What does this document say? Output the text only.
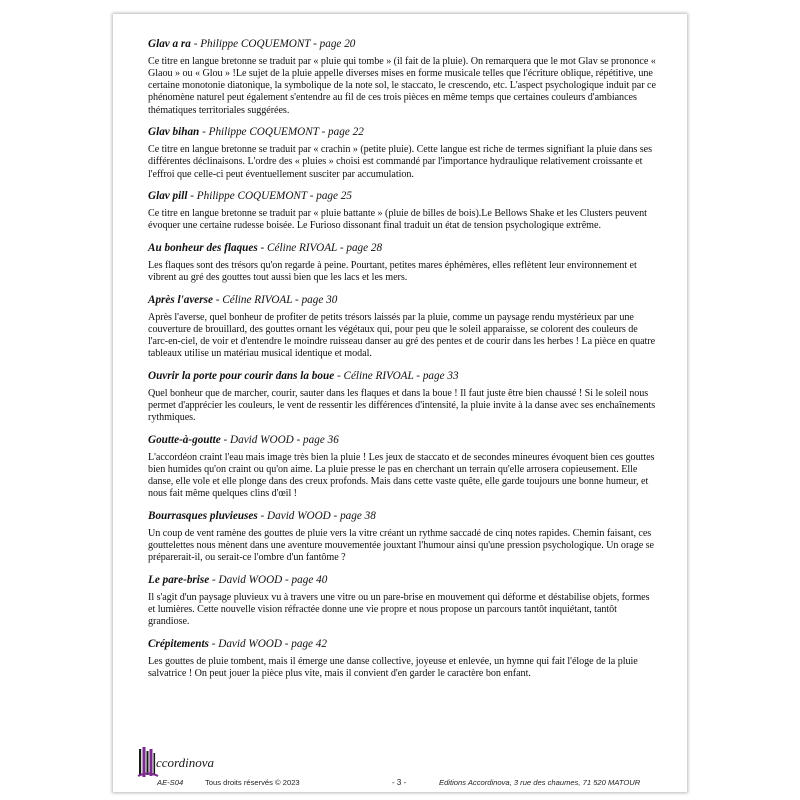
Glav a ra - Philippe COQUEMONT - page 20

Ce titre en langue bretonne se traduit par « pluie qui tombe » (il fait de la pluie). On remarquera que le mot Glav se prononce « Glaou » ou « Glou » !Le sujet de la pluie appelle diverses mises en forme musicale telles que l'écriture oblique, répétitive, une certaine monotonie diatonique, la symbolique de la note sol, le staccato, le crescendo, etc. L'aspect psychologique induit par ce phénomène naturel peut également s'entendre au fil de ces trois pièces en même temps que certaines couleurs d'ambiances thématiques territoriales suggérées.

Glav bihan - Philippe COQUEMONT - page 22

Ce titre en langue bretonne se traduit par « crachin » (petite pluie). Cette langue est riche de termes signifiant la pluie dans ses différentes déclinaisons. L'ordre des « pluies » choisi est commandé par l'importance hydraulique relativement croissante et l'effroi que celle-ci peut éventuellement susciter par accumulation.

Glav pill - Philippe COQUEMONT - page 25

Ce titre en langue bretonne se traduit par « pluie battante » (pluie de billes de bois).Le Bellows Shake et les Clusters peuvent évoquer une certaine rudesse boisée. Le Furioso dissonant final traduit un état de tension psychologique extrême.

Au bonheur des flaques - Céline RIVOAL - page 28

Les flaques sont des trésors qu'on regarde à peine. Pourtant, petites mares éphémères, elles reflètent leur environnement et vibrent au gré des gouttes tout aussi bien que les lacs et les mers.

Après l'averse - Céline RIVOAL - page 30

Après l'averse, quel bonheur de profiter de petits trésors laissés par la pluie, comme un paysage rendu mystérieux par une couverture de brouillard, des gouttes ornant les végétaux qui, pour peu que le soleil apparaisse, se colorent des couleurs de l'arc-en-ciel, de voir et d'entendre le moindre ruisseau danser au gré des pentes et de courir dans les herbes ! La pièce en quatre tableaux utilise un matériau musical identique et modal.

Ouvrir la porte pour courir dans la boue - Céline RIVOAL - page 33

Quel bonheur que de marcher, courir, sauter dans les flaques et dans la boue ! Il faut juste être bien chaussé ! Si le soleil nous permet d'apprécier les couleurs, le vent de ressentir les différences d'intensité, la pluie invite à la danse avec ses enchaînements rythmiques.

Goutte-à-goutte - David WOOD - page 36

L'accordéon craint l'eau mais image très bien la pluie ! Les jeux de staccato et de secondes mineures évoquent bien ces gouttes bien humides qu'on craint ou qu'on aime. La pluie presse le pas en cherchant un terrain qu'elle arrosera copieusement. Elle danse, elle vole et elle plonge dans des creux profonds. Mais dans cette vaste quête, elle garde toujours une bonne humeur, et nous fait même quelques clins d'œil !

Bourrasques pluvieuses - David WOOD - page 38

Un coup de vent ramène des gouttes de pluie vers la vitre créant un rythme saccadé de cinq notes rapides. Chemin faisant, ces gouttelettes nous mènent dans une aventure mouvementée jouxtant l'humour ainsi qu'une pression psychologique. Un orage se préparerait-il, ou serait-ce l'ombre d'un fantôme ?

Le pare-brise - David WOOD - page 40

Il s'agit d'un paysage pluvieux vu à travers une vitre ou un pare-brise en mouvement qui déforme et déstabilise objets, formes et lumières. Cette nouvelle vision réfractée donne une vie propre et nous propose un parcours tantôt inquiétant, tantôt grandiose.

Crépitements - David WOOD - page 42

Les gouttes de pluie tombent, mais il émerge une danse collective, joyeuse et enlevée, un hymne qui fait l'éloge de la pluie salvatrice ! On peut jouer la pièce plus vite, mais il convient d'en garder le caractère bon enfant.

ccordinova
AE-S04	Tous droits réservés © 2023	- 3 -	Editions Accordinova, 3 rue des chaumes, 71 520 MATOUR
